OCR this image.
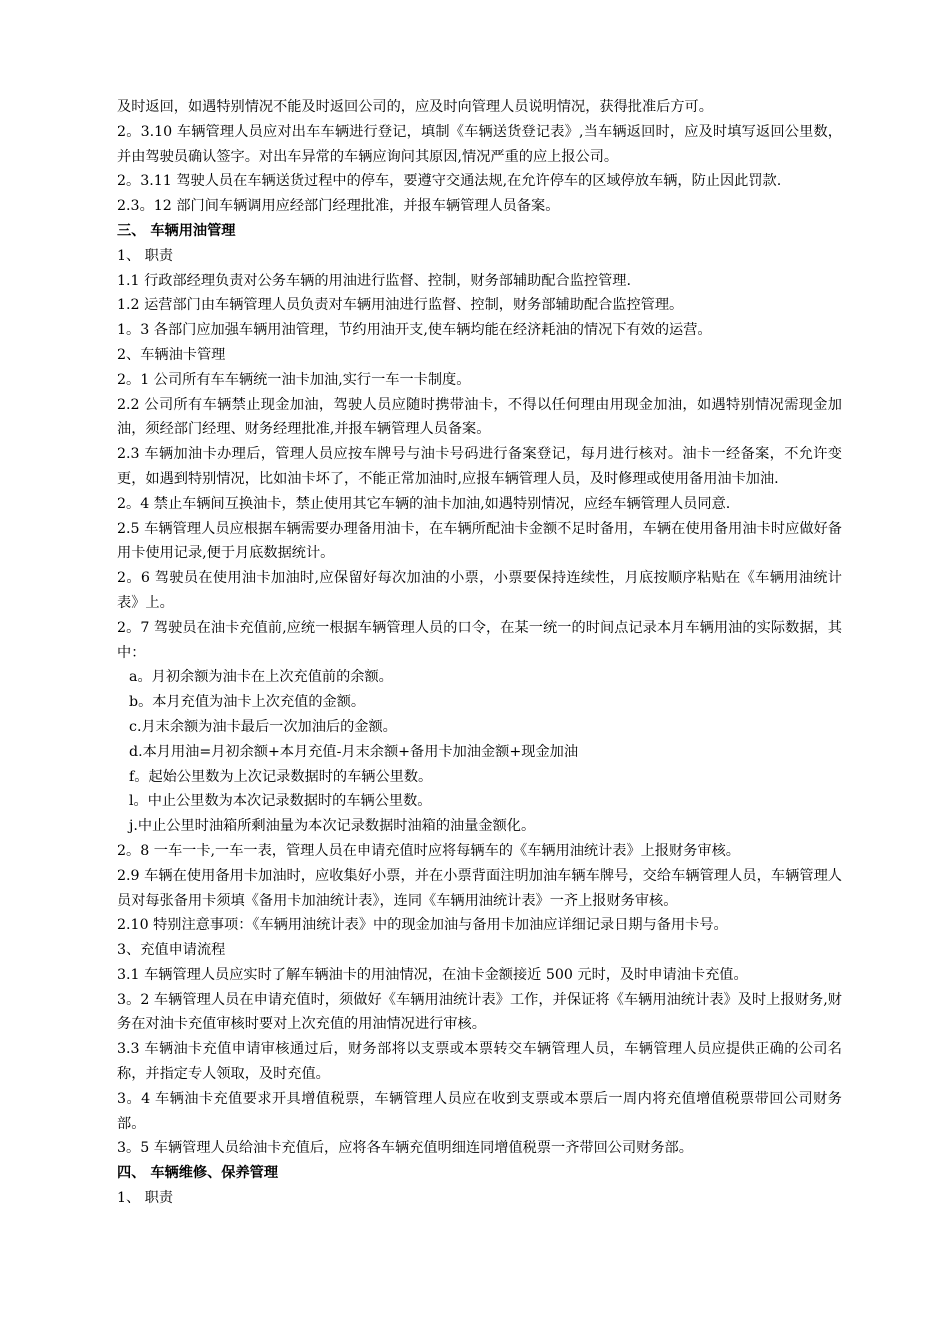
及时返回，如遇特别情况不能及时返回公司的，应及时向管理人员说明情况，获得批准后方可。

2。3.10 车辆管理人员应对出车车辆进行登记，填制《车辆送货登记表》,当车辆返回时，应及时填写返回公里数，并由驾驶员确认签字。对出车异常的车辆应询问其原因,情况严重的应上报公司。

2。3.11 驾驶人员在车辆送货过程中的停车，要遵守交通法规,在允许停车的区域停放车辆，防止因此罚款.

2.3。12 部门间车辆调用应经部门经理批准，并报车辆管理人员备案。

三、 车辆用油管理

1、 职责

1.1 行政部经理负责对公务车辆的用油进行监督、控制，财务部辅助配合监控管理.

1.2 运营部门由车辆管理人员负责对车辆用油进行监督、控制，财务部辅助配合监控管理。

1。3 各部门应加强车辆用油管理，节约用油开支,使车辆均能在经济耗油的情况下有效的运营。

2、车辆油卡管理

2。1 公司所有车车辆统一油卡加油,实行一车一卡制度。

2.2 公司所有车辆禁止现金加油，驾驶人员应随时携带油卡，不得以任何理由用现金加油，如遇特别情况需现金加油，须经部门经理、财务经理批准,并报车辆管理人员备案。

2.3 车辆加油卡办理后，管理人员应按车牌号与油卡号码进行备案登记，每月进行核对。油卡一经备案，不允许变更，如遇到特别情况，比如油卡坏了，不能正常加油时,应报车辆管理人员，及时修理或使用备用油卡加油.

2。4 禁止车辆间互换油卡，禁止使用其它车辆的油卡加油,如遇特别情况，应经车辆管理人员同意.

2.5 车辆管理人员应根据车辆需要办理备用油卡，在车辆所配油卡金额不足时备用，车辆在使用备用油卡时应做好备用卡使用记录,便于月底数据统计。

2。6 驾驶员在使用油卡加油时,应保留好每次加油的小票，小票要保持连续性，月底按顺序粘贴在《车辆用油统计表》上。

2。7 驾驶员在油卡充值前,应统一根据车辆管理人员的口令，在某一统一的时间点记录本月车辆用油的实际数据，其中：

a。月初余额为油卡在上次充值前的余额。

b。本月充值为油卡上次充值的金额。

c.月末余额为油卡最后一次加油后的金额。

d.本月用油=月初余额+本月充值-月末余额+备用卡加油金额+现金加油

f。起始公里数为上次记录数据时的车辆公里数。

l。中止公里数为本次记录数据时的车辆公里数。

j.中止公里时油箱所剩油量为本次记录数据时油箱的油量金额化。

2。8 一车一卡,一车一表，管理人员在申请充值时应将每辆车的《车辆用油统计表》上报财务审核。

2.9 车辆在使用备用卡加油时，应收集好小票，并在小票背面注明加油车辆车牌号，交给车辆管理人员，车辆管理人员对每张备用卡须填《备用卡加油统计表》，连同《车辆用油统计表》一齐上报财务审核。

2.10 特别注意事项：《车辆用油统计表》中的现金加油与备用卡加油应详细记录日期与备用卡号。

3、充值申请流程

3.1 车辆管理人员应实时了解车辆油卡的用油情况，在油卡金额接近 500 元时，及时申请油卡充值。

3。2 车辆管理人员在申请充值时，须做好《车辆用油统计表》工作，并保证将《车辆用油统计表》及时上报财务,财务在对油卡充值审核时要对上次充值的用油情况进行审核。

3.3 车辆油卡充值申请审核通过后，财务部将以支票或本票转交车辆管理人员，车辆管理人员应提供正确的公司名称，并指定专人领取，及时充值。

3。4 车辆油卡充值要求开具增值税票，车辆管理人员应在收到支票或本票后一周内将充值增值税票带回公司财务部。

3。5 车辆管理人员给油卡充值后，应将各车辆充值明细连同增值税票一齐带回公司财务部。

四、 车辆维修、保养管理

1、 职责
